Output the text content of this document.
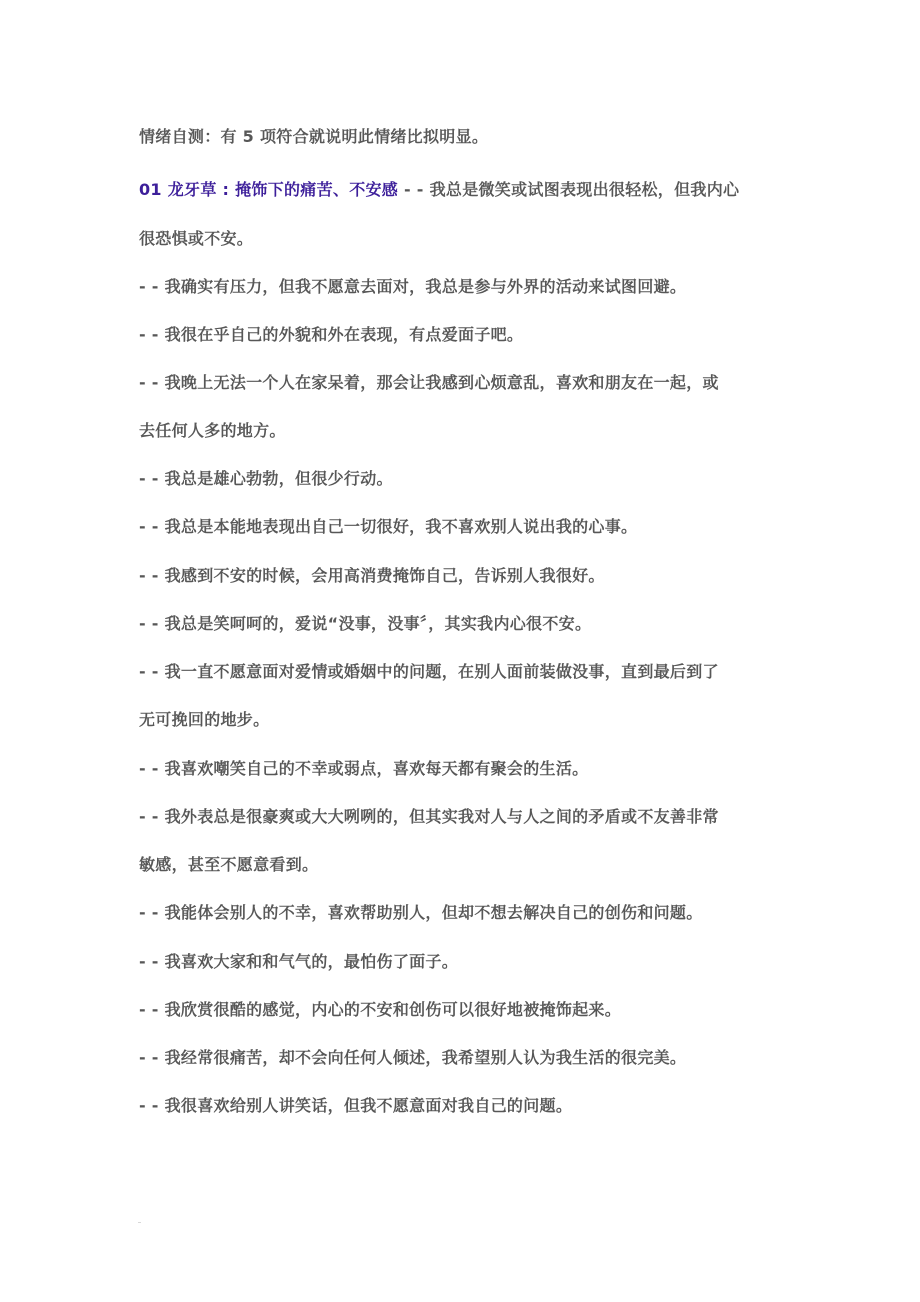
情绪自测：有 5 项符合就说明此情绪比拟明显。
01 龙牙草 : 掩饰下的痛苦、不安感 - - 我总是微笑或试图表现出很轻松，但我内心
很恐惧或不安。
- - 我确实有压力，但我不愿意去面对，我总是参与外界的活动来试图回避。
- - 我很在乎自己的外貌和外在表现，有点爱面子吧。
- - 我晚上无法一个人在家呆着，那会让我感到心烦意乱，喜欢和朋友在一起，或
去任何人多的地方。
- - 我总是雄心勃勃，但很少行动。
- - 我总是本能地表现出自己一切很好，我不喜欢别人说出我的心事。
- - 我感到不安的时候，会用高消费掩饰自己，告诉别人我很好。
- - 我总是笑呵呵的，爱说“没事，没事〞，其实我内心很不安。
- - 我一直不愿意面对爱情或婚姻中的问题，在别人面前装做没事，直到最后到了
无可挽回的地步。
- - 我喜欢嘲笑自己的不幸或弱点，喜欢每天都有聚会的生活。
- - 我外表总是很豪爽或大大咧咧的，但其实我对人与人之间的矛盾或不友善非常
敏感，甚至不愿意看到。
- - 我能体会别人的不幸，喜欢帮助别人，但却不想去解决自己的创伤和问题。
- - 我喜欢大家和和气气的，最怕伤了面子。
- - 我欣赏很酷的感觉，内心的不安和创伤可以很好地被掩饰起来。
- - 我经常很痛苦，却不会向任何人倾述，我希望别人认为我生活的很完美。
- - 我很喜欢给别人讲笑话，但我不愿意面对我自己的问题。
